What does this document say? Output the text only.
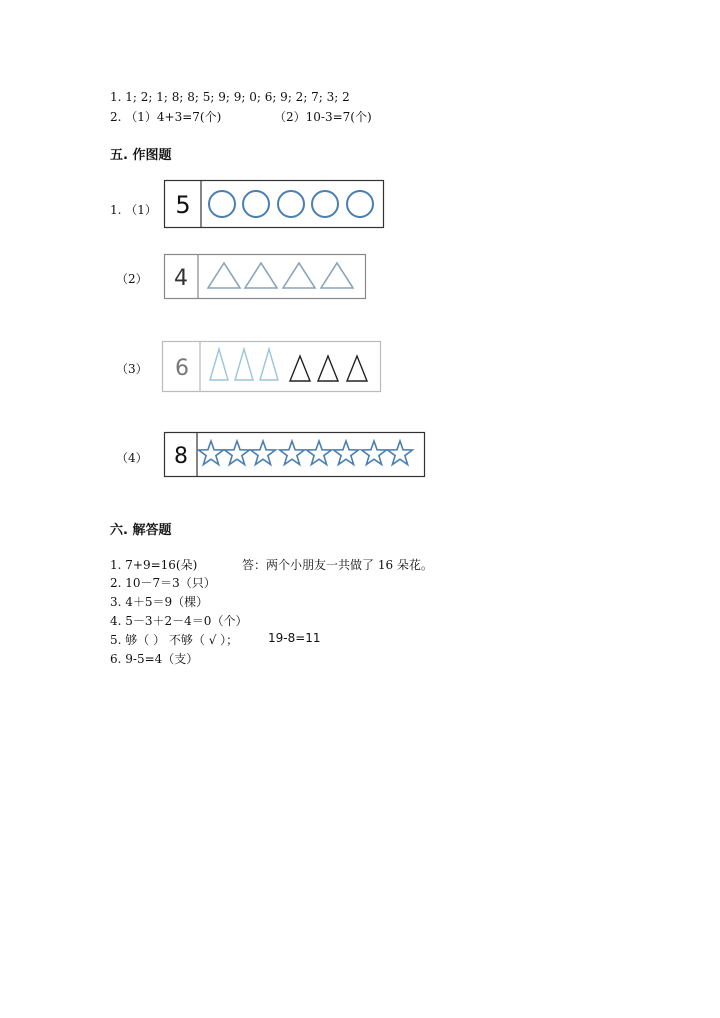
1. 1; 2; 1; 8; 8; 5; 9; 9; 0; 6; 9; 2; 7; 3; 2
2. （1）4+3=7(个)	（2）10-3=7(个)
五. 作图题
1. （1） 5
（2） 4
（3） 6
（4） 8
六. 解答题
1. 7+9=16(朵)	答：两个小朋友一共做了 16 朵花。
2. 10－7＝3（只）
3. 4＋5＝9（棵）
4. 5－3＋2－4＝0（个）
5. 够（ ） 不够（ √ ）； 19-8=11
6. 9-5=4（支）
